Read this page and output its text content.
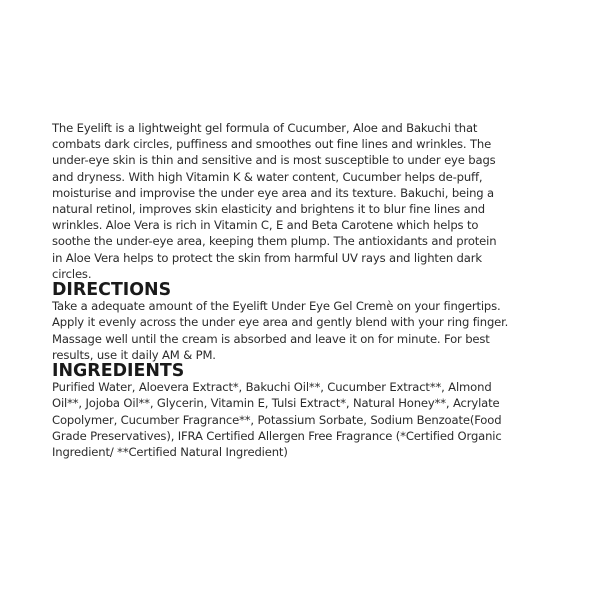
The Eyelift is a lightweight gel formula of Cucumber, Aloe and Bakuchi that
combats dark circles, puffiness and smoothes out fine lines and wrinkles. The
under-eye skin is thin and sensitive and is most susceptible to under eye bags
and dryness. With high Vitamin K & water content, Cucumber helps de-puff,
moisturise and improvise the under eye area and its texture. Bakuchi, being a
natural retinol, improves skin elasticity and brightens it to blur fine lines and
wrinkles. Aloe Vera is rich in Vitamin C, E and Beta Carotene which helps to
soothe the under-eye area, keeping them plump. The antioxidants and protein
in Aloe Vera helps to protect the skin from harmful UV rays and lighten dark
circles.

DIRECTIONS

Take a adequate amount of the Eyelift Under Eye Gel Cremè on your fingertips.
Apply it evenly across the under eye area and gently blend with your ring finger.
Massage well until the cream is absorbed and leave it on for minute. For best
results, use it daily AM & PM.

INGREDIENTS

Purified Water, Aloevera Extract*, Bakuchi Oil**, Cucumber Extract**, Almond
Oil**, Jojoba Oil**, Glycerin, Vitamin E, Tulsi Extract*, Natural Honey**, Acrylate
Copolymer, Cucumber Fragrance**, Potassium Sorbate, Sodium Benzoate(Food
Grade Preservatives), IFRA Certified Allergen Free Fragrance (*Certified Organic
Ingredient/ **Certified Natural Ingredient)
